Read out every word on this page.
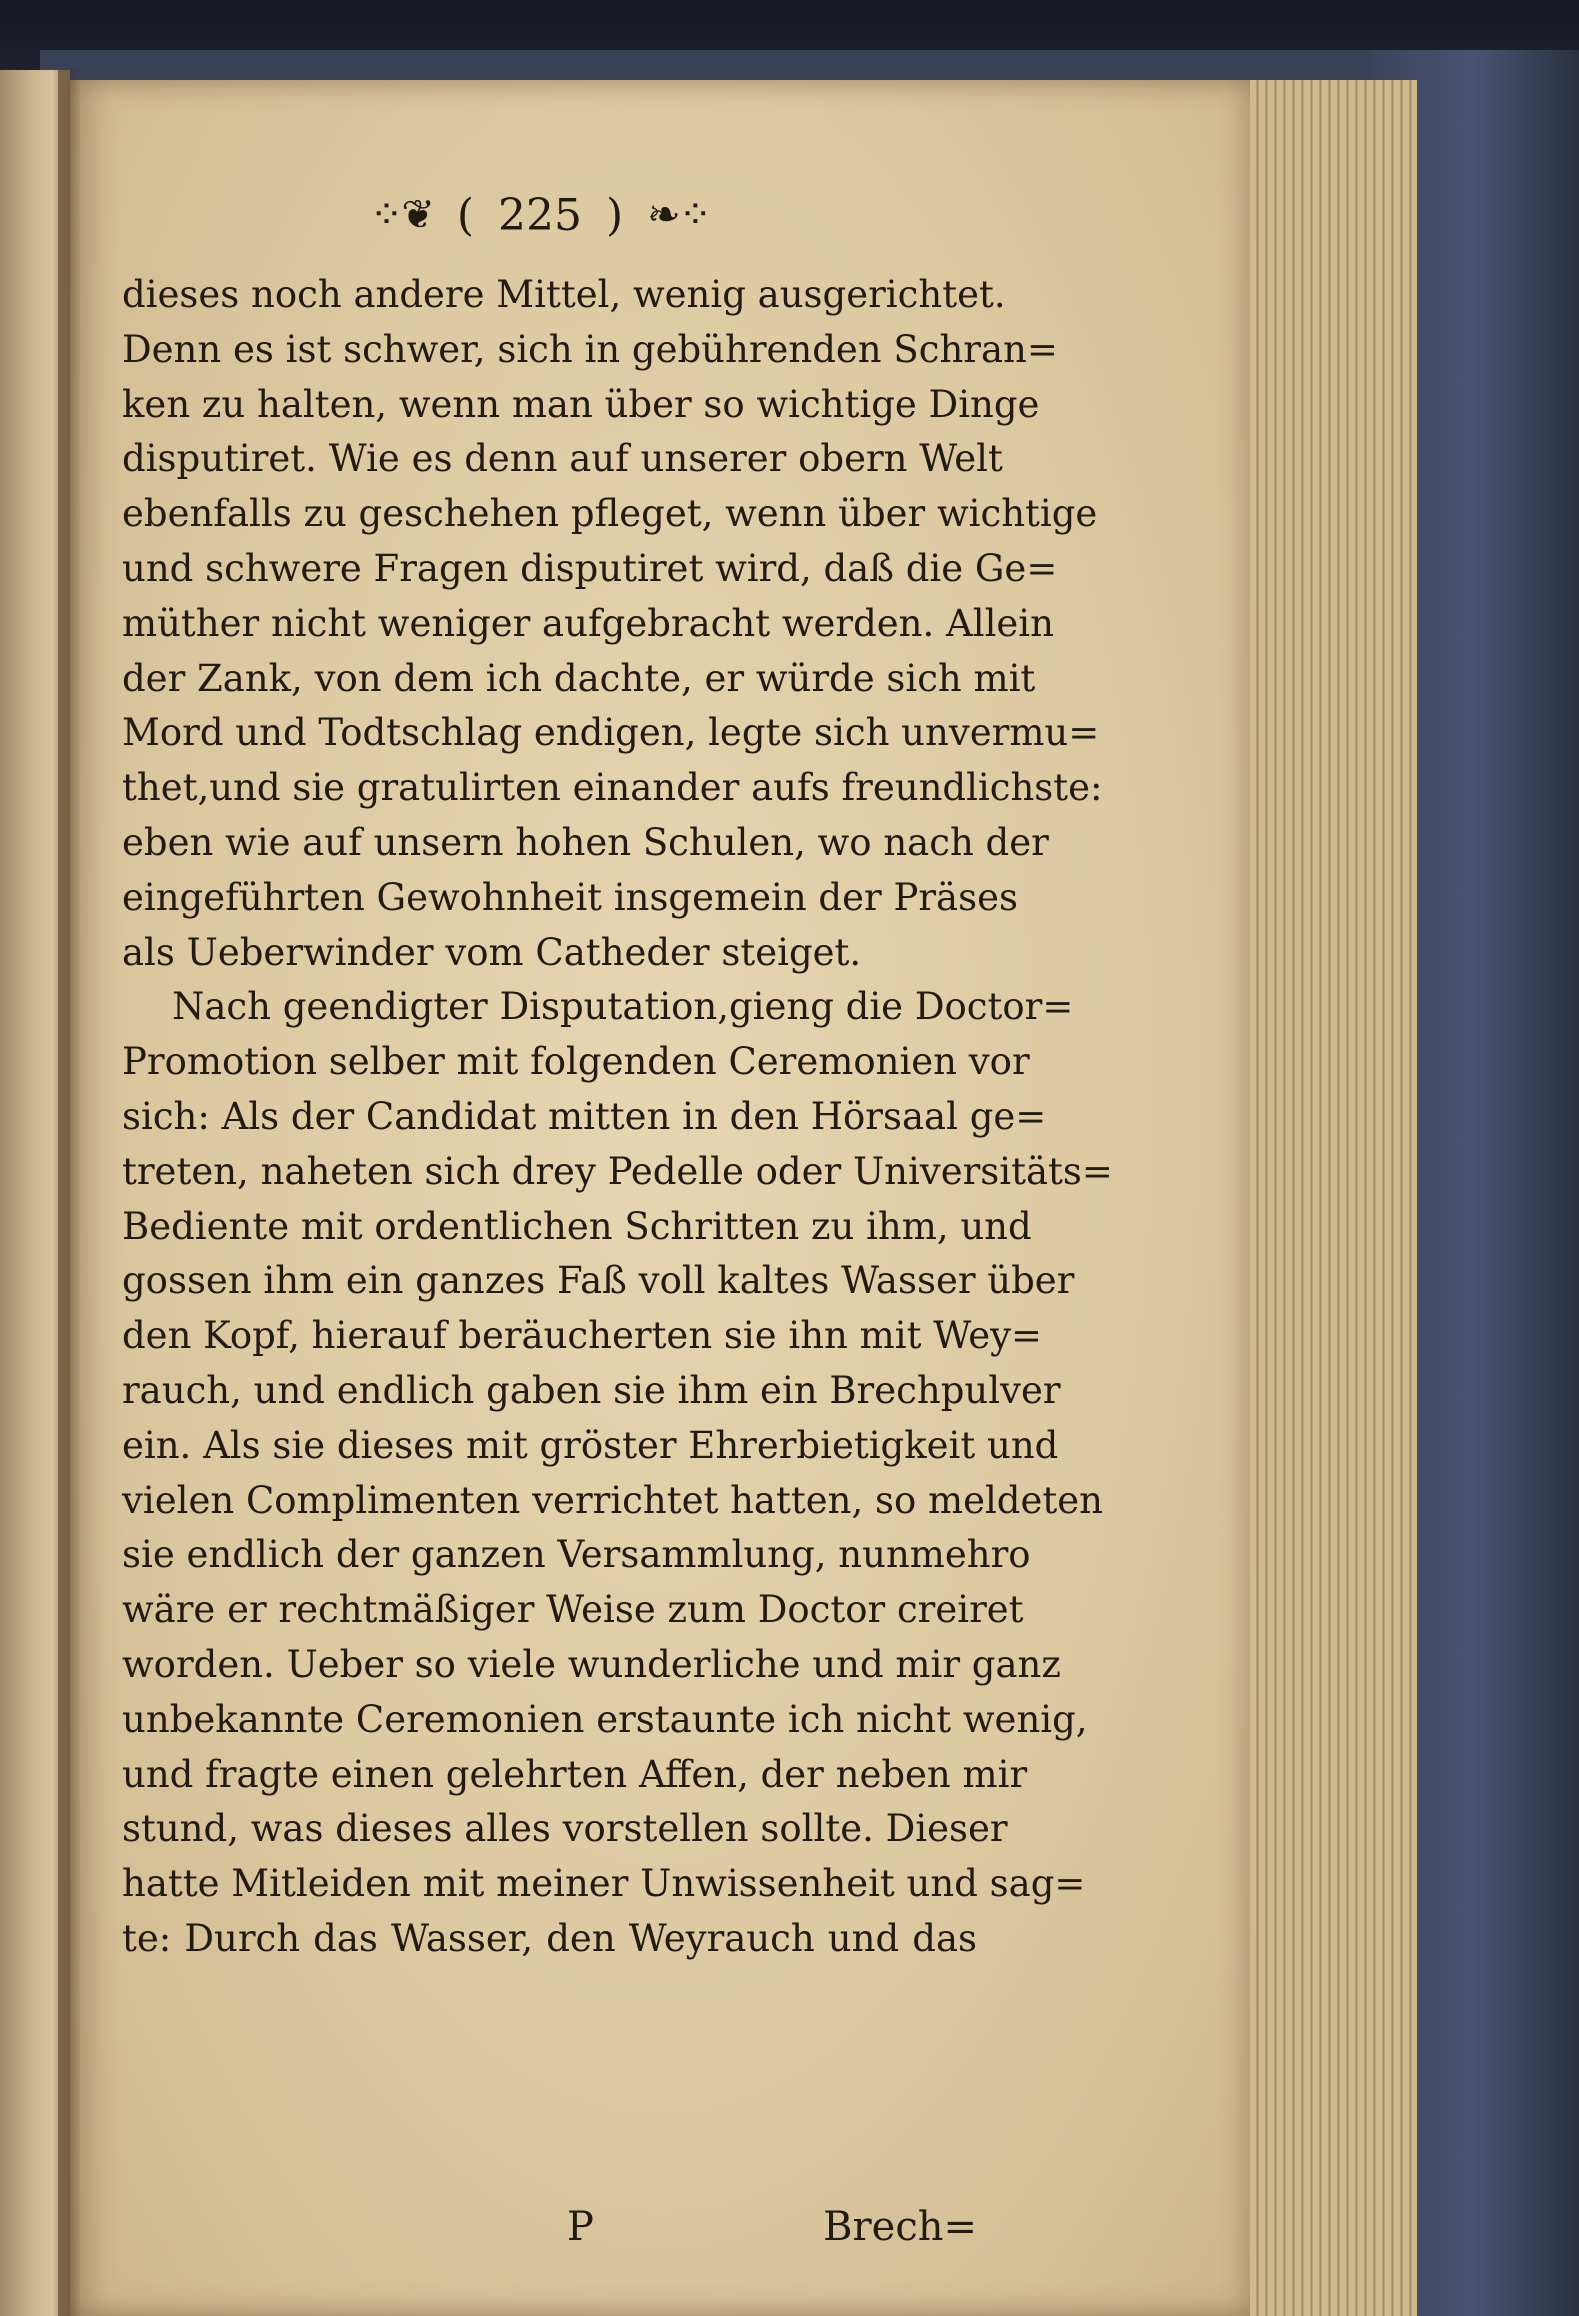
⁘❦ ( 225 ) ❧⁘
dieses noch andere Mittel, wenig ausgerichtet.
Denn es ist schwer, sich in gebührenden Schran=
ken zu halten, wenn man über so wichtige Dinge
disputiret. Wie es denn auf unserer obern Welt
ebenfalls zu geschehen pfleget, wenn über wichtige
und schwere Fragen disputiret wird, daß die Ge=
müther nicht weniger aufgebracht werden. Allein
der Zank, von dem ich dachte, er würde sich mit
Mord und Todtschlag endigen, legte sich unvermu=
thet,und sie gratulirten einander aufs freundlichste:
eben wie auf unsern hohen Schulen, wo nach der
eingeführten Gewohnheit insgemein der Präses
als Ueberwinder vom Catheder steiget.
Nach geendigter Disputation,gieng die Doctor=
Promotion selber mit folgenden Ceremonien vor
sich: Als der Candidat mitten in den Hörsaal ge=
treten, naheten sich drey Pedelle oder Universitäts=
Bediente mit ordentlichen Schritten zu ihm, und
gossen ihm ein ganzes Faß voll kaltes Wasser über
den Kopf, hierauf beräucherten sie ihn mit Wey=
rauch, und endlich gaben sie ihm ein Brechpulver
ein. Als sie dieses mit gröster Ehrerbietigkeit und
vielen Complimenten verrichtet hatten, so meldeten
sie endlich der ganzen Versammlung, nunmehro
wäre er rechtmäßiger Weise zum Doctor creiret
worden. Ueber so viele wunderliche und mir ganz
unbekannte Ceremonien erstaunte ich nicht wenig,
und fragte einen gelehrten Affen, der neben mir
stund, was dieses alles vorstellen sollte. Dieser
hatte Mitleiden mit meiner Unwissenheit und sag=
te: Durch das Wasser, den Weyrauch und das
P	Brech=
